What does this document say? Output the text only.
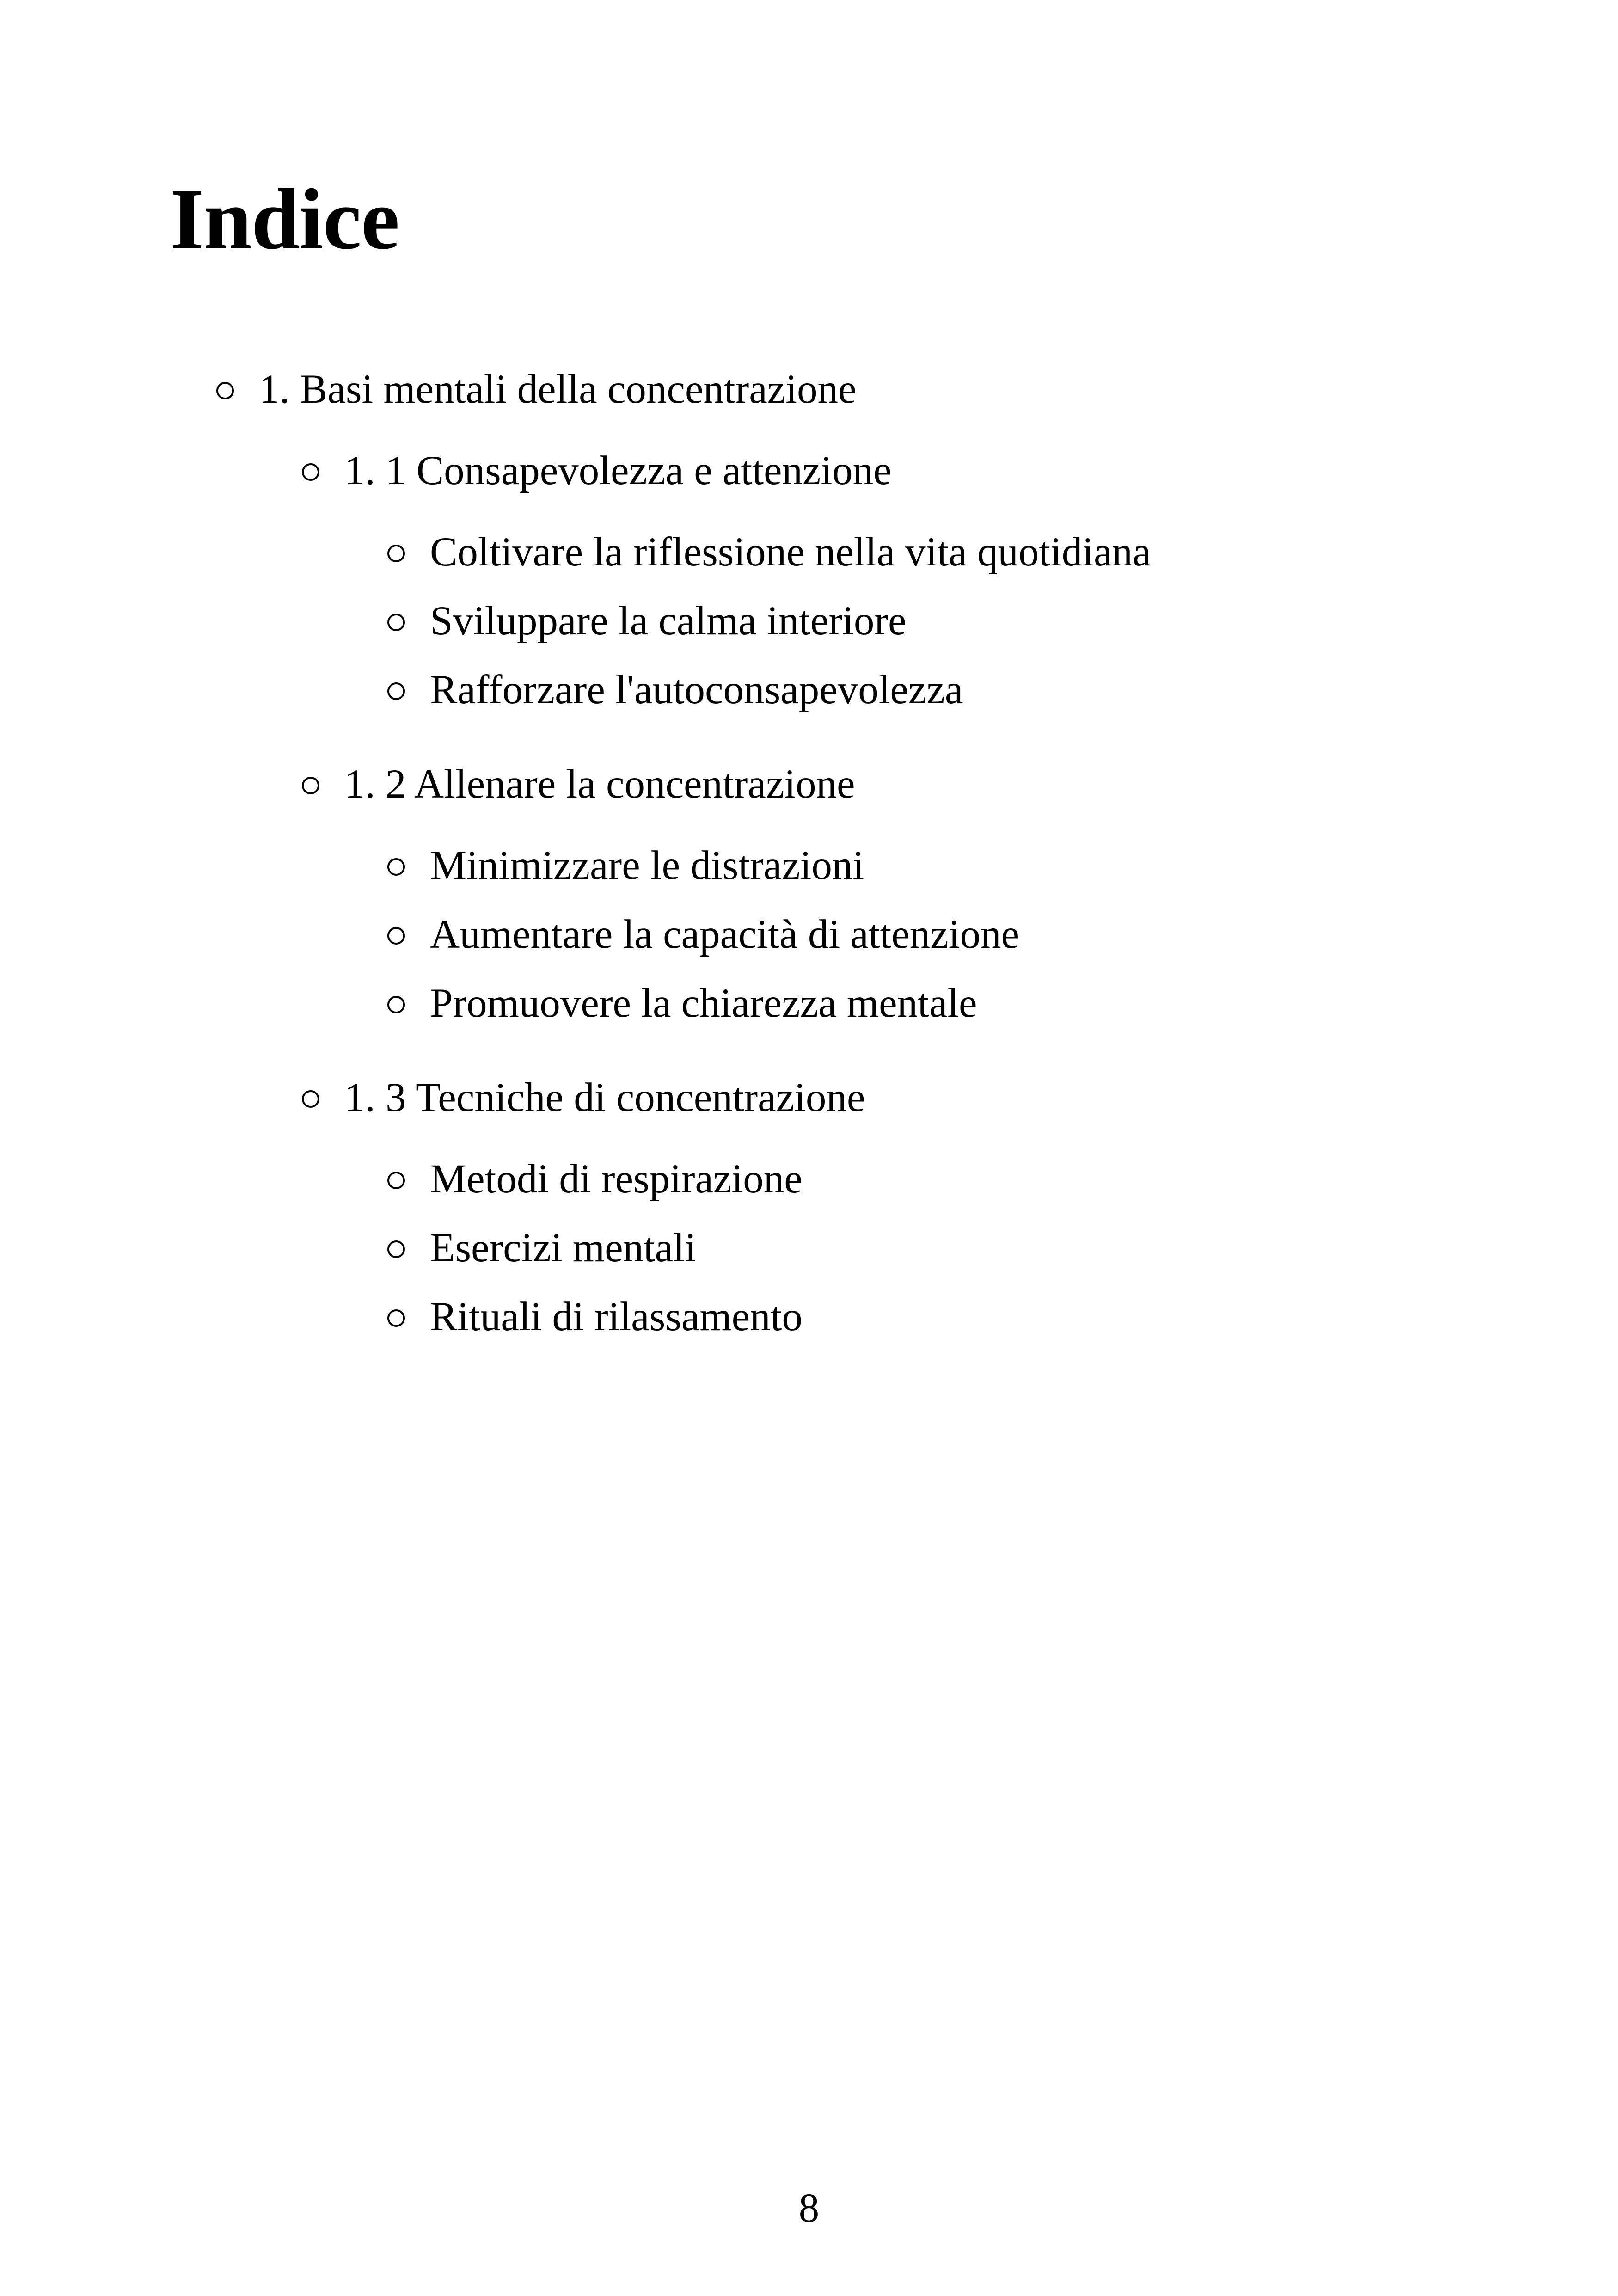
Indice
1. Basi mentali della concentrazione
1. 1 Consapevolezza e attenzione
Coltivare la riflessione nella vita quotidiana
Sviluppare la calma interiore
Rafforzare l'autoconsapevolezza
1. 2 Allenare la concentrazione
Minimizzare le distrazioni
Aumentare la capacità di attenzione
Promuovere la chiarezza mentale
1. 3 Tecniche di concentrazione
Metodi di respirazione
Esercizi mentali
Rituali di rilassamento
8
